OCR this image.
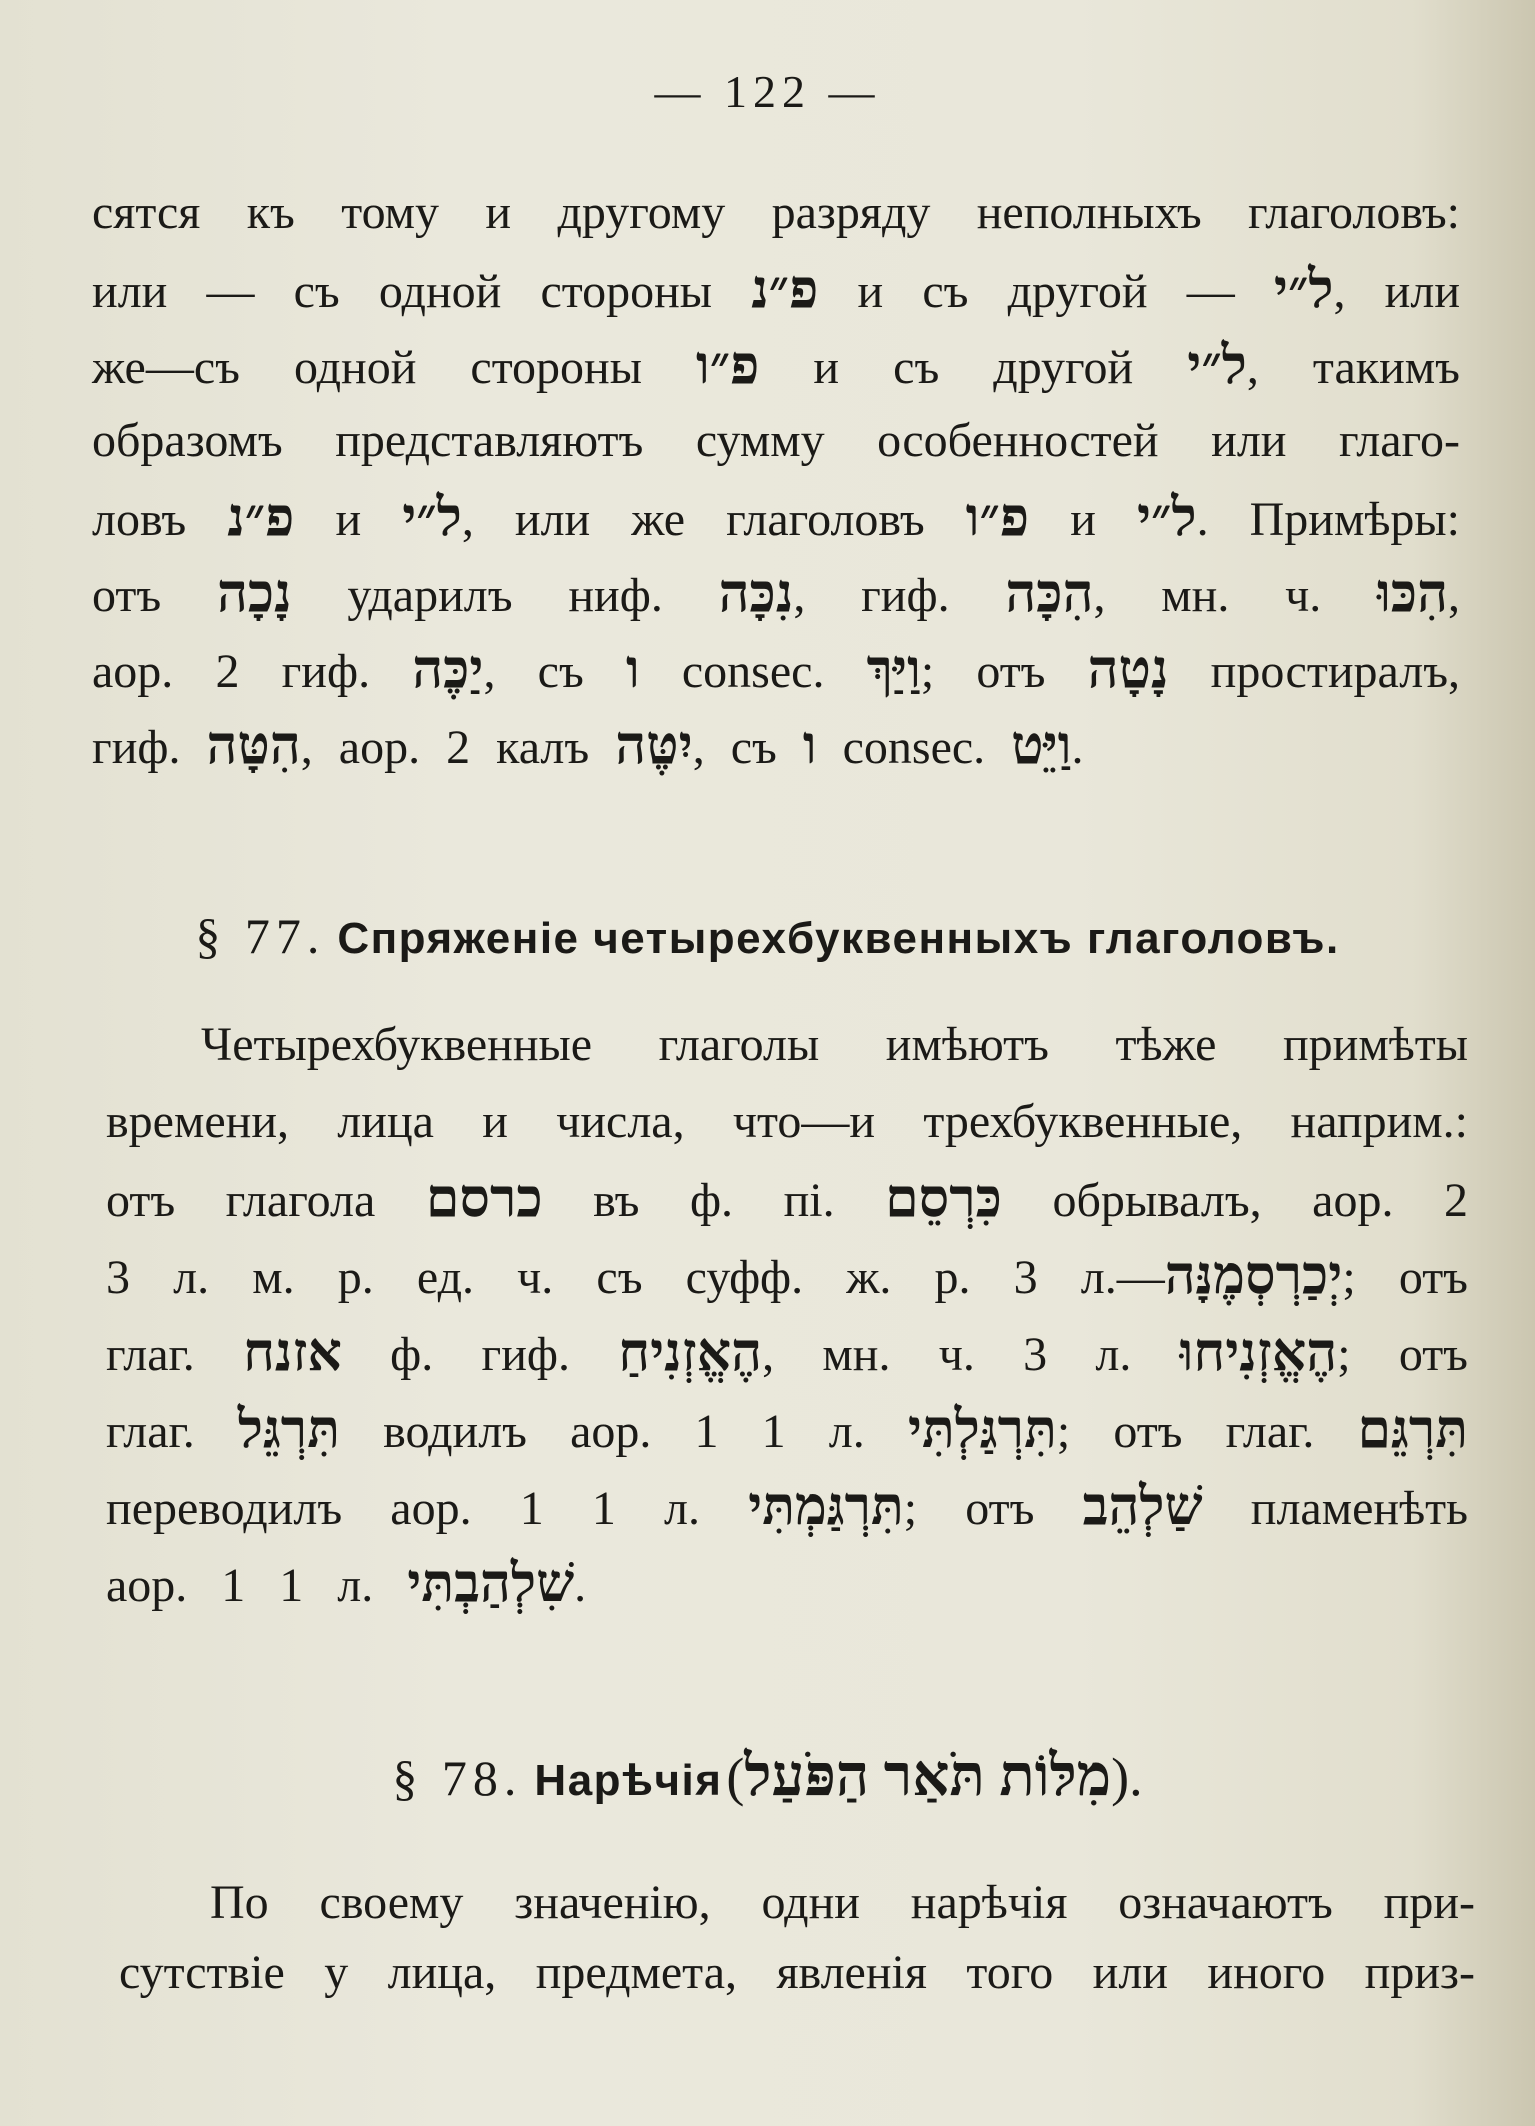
— 122 —
сятся къ тому и другому разряду неполныхъ глаголовъ:
или — съ одной стороны פ״נ и съ другой — ל״י, или
же—съ одной стороны פ״ו и съ другой ל״י, такимъ
образомъ представляютъ сумму особенностей или глаго-
ловъ פ״נ и ל״י, или же глаголовъ פ״ו и ל״י. Примѣры:
отъ נָכָה ударилъ ниф. נִכָּה, гиф. הִכָּה, мн. ч. הִכּוּ,
аор. 2 гиф. יַכֶּה, съ ו consec. וַיַּךְ; отъ נָטָה простиралъ,
гиф. הִטָּה, аор. 2 калъ יִטֶּה, съ ו consec. וַיֵּט.
§ 77. Спряженіе четырехбуквенныхъ глаголовъ.
Четырехбуквенные глаголы имѣютъ тѣже примѣты
времени, лица и числа, что—и трехбуквенные, наприм.:
отъ глагола כרסם въ ф. пі. כִּרְסֵם обрывалъ, аор. 2
3 л. м. р. ед. ч. съ суфф. ж. р. 3 л.—יְכַרְסְמֶנָּה; отъ
глаг. אזנח ф. гиф. הֶאֱזְנִיחַ, мн. ч. 3 л. הֶאֱזְנִיחוּ; отъ
глаг. תִּרְגֵּל водилъ аор. 1 1 л. תִּרְגַּלְתִּי; отъ глаг. תִּרְגֵּם
переводилъ аор. 1 1 л. תִּרְגַּמְתִּי; отъ שַׁלְהֵב пламенѣть
аор. 1 1 л. שִׁלְהַבְתִּי.
§ 78. Нарѣчія (מִלּוֹת תֹּאַר הַפֹּעַל).
По своему значенію, одни нарѣчія означаютъ при-
сутствіе у лица, предмета, явленія того или иного приз-
